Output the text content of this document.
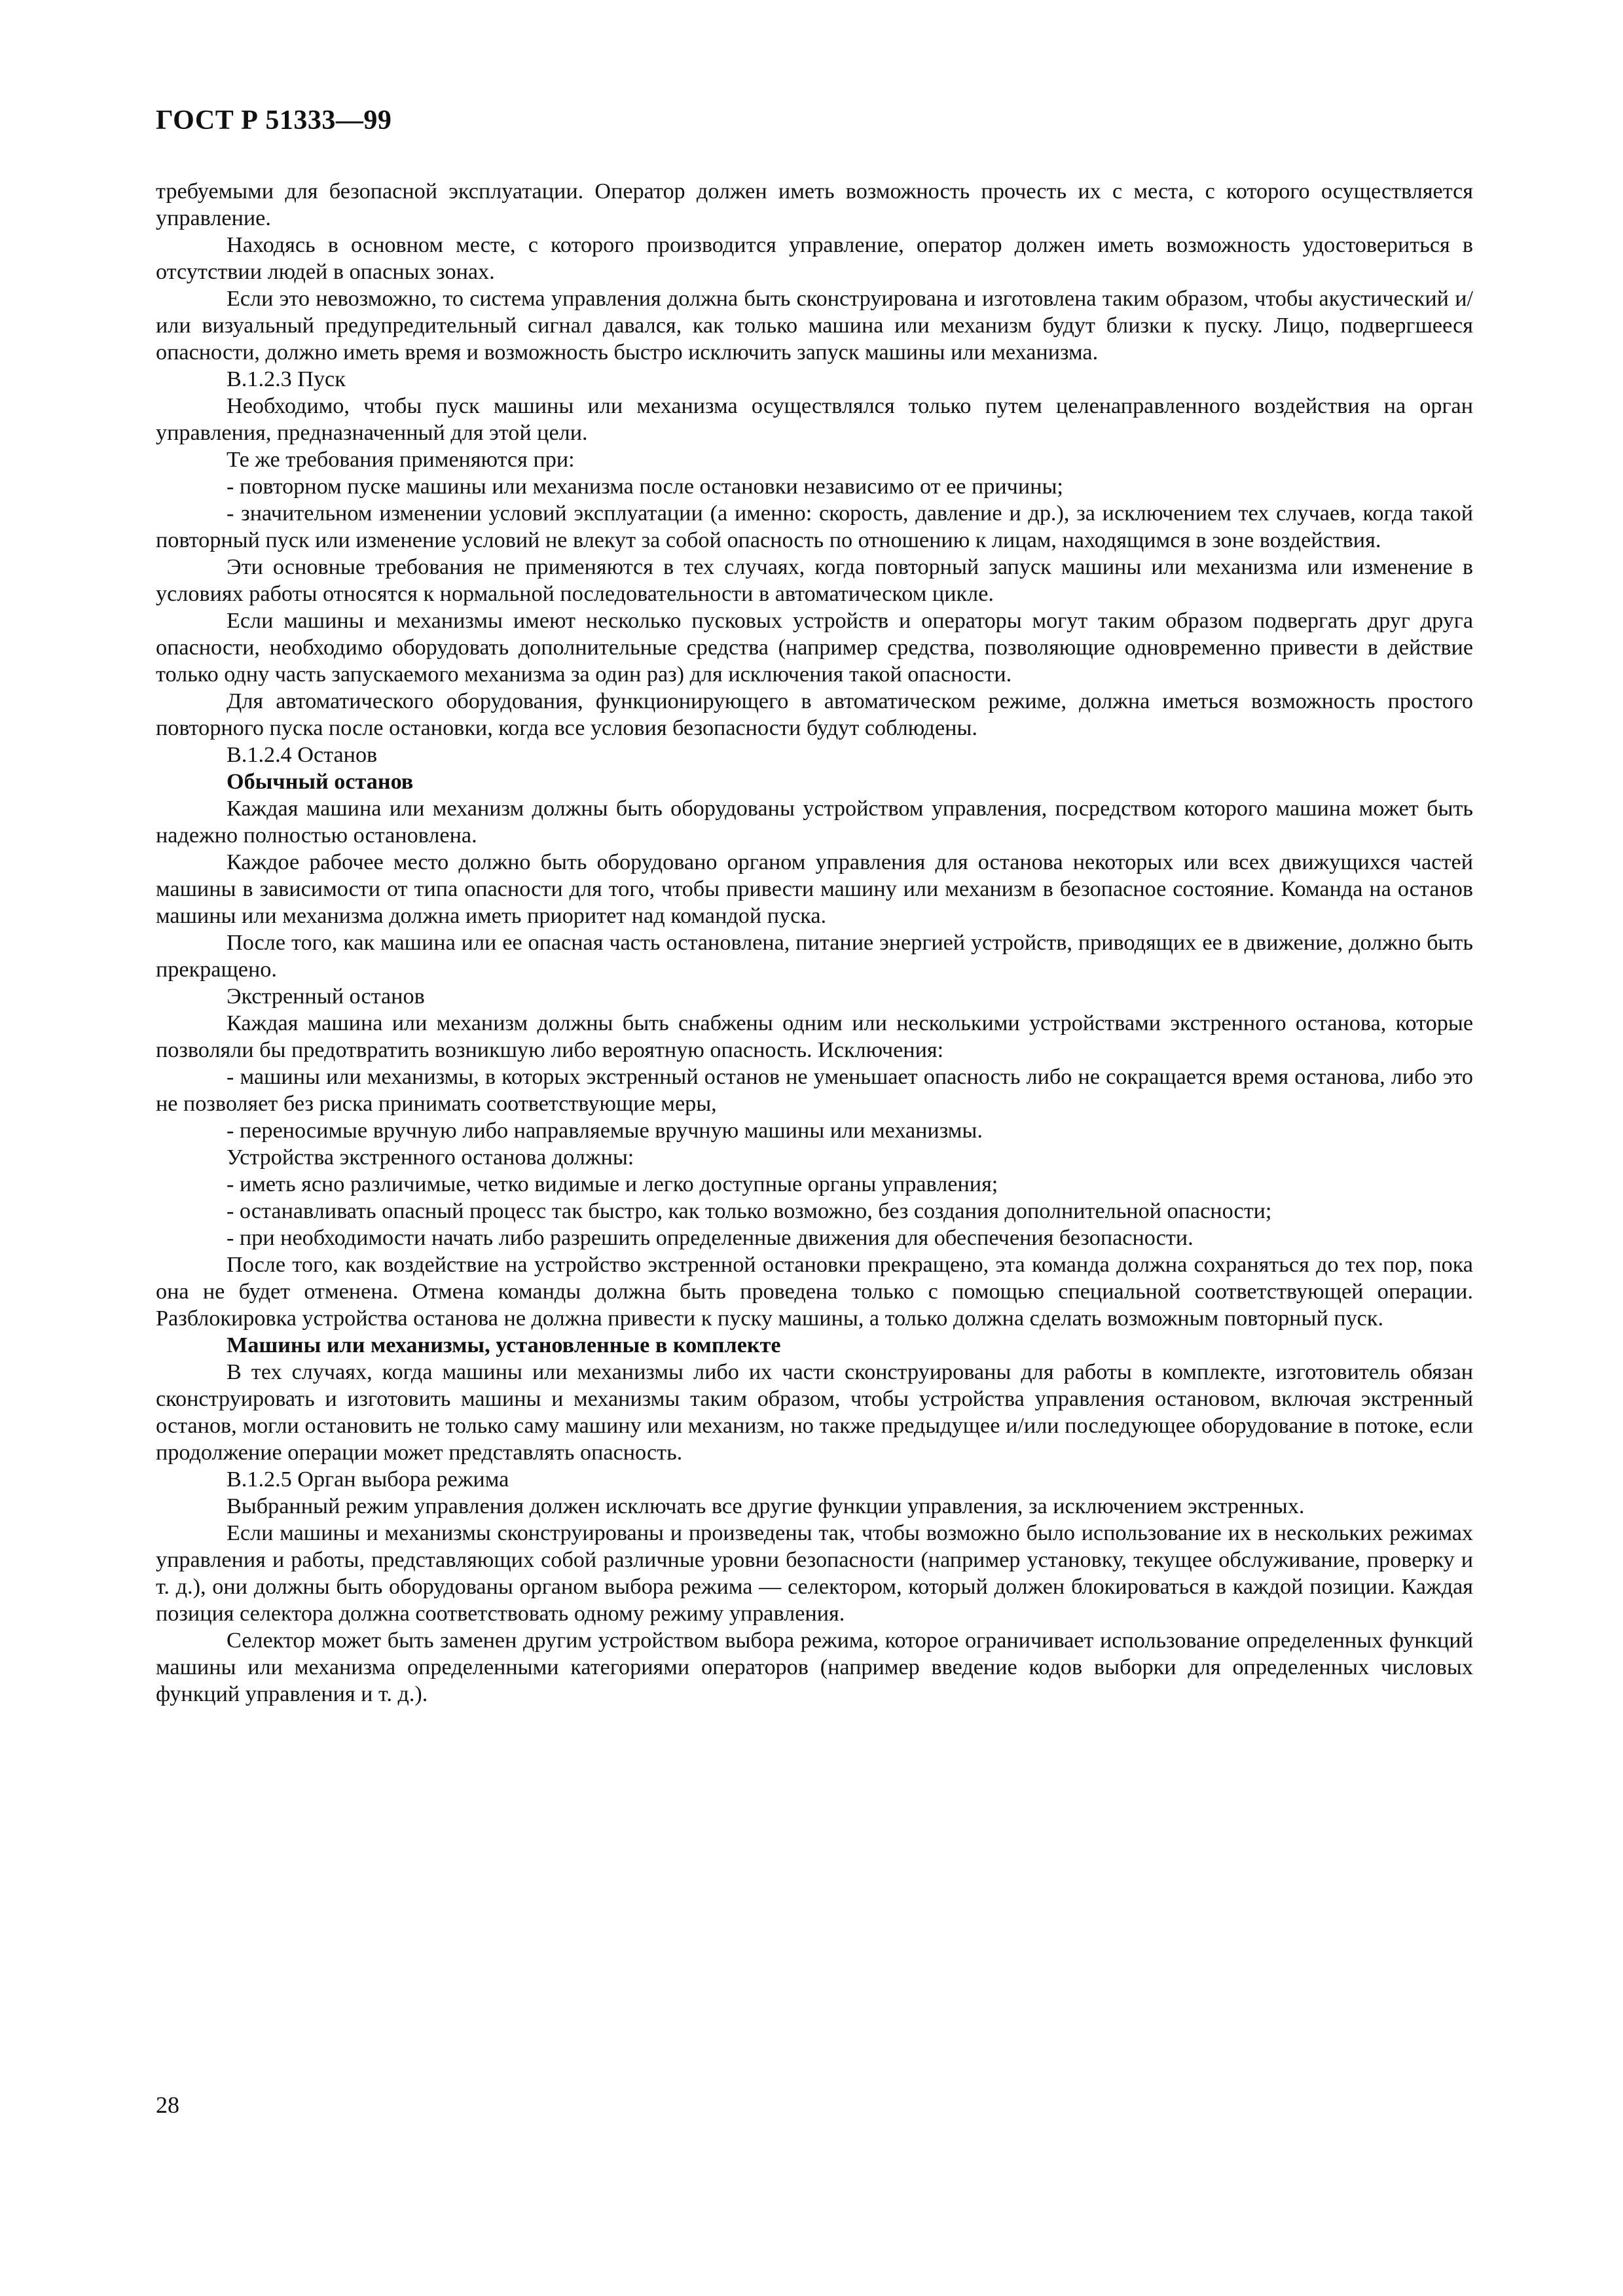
ГОСТ Р 51333—99

требуемыми для безопасной эксплуатации. Оператор должен иметь возможность прочесть их с места, с которого осуществляется управление.

Находясь в основном месте, с которого производится управление, оператор должен иметь возможность удостовериться в отсутствии людей в опасных зонах.

Если это невозможно, то система управления должна быть сконструирована и изготовлена таким образом, чтобы акустический и/или визуальный предупредительный сигнал давался, как только машина или механизм будут близки к пуску. Лицо, подвергшееся опасности, должно иметь время и возможность быстро исключить запуск машины или механизма.

В.1.2.3 Пуск

Необходимо, чтобы пуск машины или механизма осуществлялся только путем целенаправленного воздействия на орган управления, предназначенный для этой цели.

Те же требования применяются при:

- повторном пуске машины или механизма после остановки независимо от ее причины;

- значительном изменении условий эксплуатации (а именно: скорость, давление и др.), за исключением тех случаев, когда такой повторный пуск или изменение условий не влекут за собой опасность по отношению к лицам, находящимся в зоне воздействия.

Эти основные требования не применяются в тех случаях, когда повторный запуск машины или механизма или изменение в условиях работы относятся к нормальной последовательности в автоматическом цикле.

Если машины и механизмы имеют несколько пусковых устройств и операторы могут таким образом подвергать друг друга опасности, необходимо оборудовать дополнительные средства (например средства, позволяющие одновременно привести в действие только одну часть запускаемого механизма за один раз) для исключения такой опасности.

Для автоматического оборудования, функционирующего в автоматическом режиме, должна иметься возможность простого повторного пуска после остановки, когда все условия безопасности будут соблюдены.

В.1.2.4 Останов

Обычный останов

Каждая машина или механизм должны быть оборудованы устройством управления, посредством которого машина может быть надежно полностью остановлена.

Каждое рабочее место должно быть оборудовано органом управления для останова некоторых или всех движущихся частей машины в зависимости от типа опасности для того, чтобы привести машину или механизм в безопасное состояние. Команда на останов машины или механизма должна иметь приоритет над командой пуска.

После того, как машина или ее опасная часть остановлена, питание энергией устройств, приводящих ее в движение, должно быть прекращено.

Экстренный останов

Каждая машина или механизм должны быть снабжены одним или несколькими устройствами экстренного останова, которые позволяли бы предотвратить возникшую либо вероятную опасность. Исключения:

- машины или механизмы, в которых экстренный останов не уменьшает опасность либо не сокращается время останова, либо это не позволяет без риска принимать соответствующие меры,

- переносимые вручную либо направляемые вручную машины или механизмы.

Устройства экстренного останова должны:

- иметь ясно различимые, четко видимые и легко доступные органы управления;

- останавливать опасный процесс так быстро, как только возможно, без создания дополнительной опасности;

- при необходимости начать либо разрешить определенные движения для обеспечения безопасности.

После того, как воздействие на устройство экстренной остановки прекращено, эта команда должна сохраняться до тех пор, пока она не будет отменена. Отмена команды должна быть проведена только с помощью специальной соответствующей операции. Разблокировка устройства останова не должна привести к пуску машины, а только должна сделать возможным повторный пуск.

Машины или механизмы, установленные в комплекте

В тех случаях, когда машины или механизмы либо их части сконструированы для работы в комплекте, изготовитель обязан сконструировать и изготовить машины и механизмы таким образом, чтобы устройства управления остановом, включая экстренный останов, могли остановить не только саму машину или механизм, но также предыдущее и/или последующее оборудование в потоке, если продолжение операции может представлять опасность.

В.1.2.5 Орган выбора режима

Выбранный режим управления должен исключать все другие функции управления, за исключением экстренных.

Если машины и механизмы сконструированы и произведены так, чтобы возможно было использование их в нескольких режимах управления и работы, представляющих собой различные уровни безопасности (например установку, текущее обслуживание, проверку и т. д.), они должны быть оборудованы органом выбора режима — селектором, который должен блокироваться в каждой позиции. Каждая позиция селектора должна соответствовать одному режиму управления.

Селектор может быть заменен другим устройством выбора режима, которое ограничивает использование определенных функций машины или механизма определенными категориями операторов (например введение кодов выборки для определенных числовых функций управления и т. д.).

28
